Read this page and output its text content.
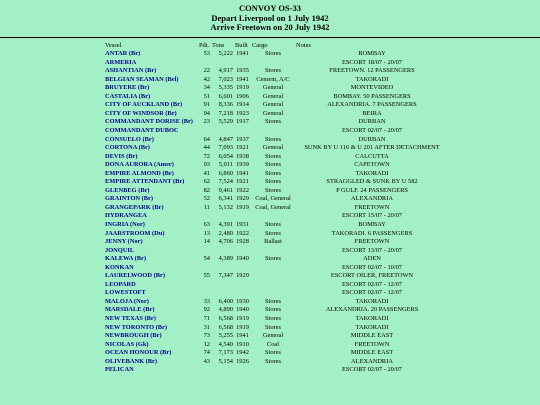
CONVOY OS-33
Depart Liverpool on 1 July 1942
Arrive Freetown on 20 July 1942
Vessel	Pdt.	Tons	Built	Cargo	Notes
ANTAR (Br)	53	5,222	1941	Stores	BOMBAY
ARMERIA					ESCORT 18/07 - 20/07
ASHANTIAN (Br)	22	4,917	1935	Stores	FREETOWN. 12 PASSENGERS
BELGIAN SEAMAN (Bel)	42	7,023	1941	Cement, A/C	TAKORADI
BRUYERE (Br)	34	5,335	1919	General	MONTEVIDEO
CASTALIA (Br)	51	6,601	1906	General	BOMBAY. 50 PASSENGERS
CITY OF AUCKLAND (Br)	91	8,336	1914	General	ALEXANDRIA. 7 PASSENGERS
CITY OF WINDSOR (Br)	94	7,218	1923	General	BEIRA
COMMANDANT DORISE (Br)	23	5,529	1917	Stores	DURBAN
COMMANDANT DUBOC					ESCORT 02/07 - 20/07
CONSUELO (Br)	64	4,847	1937	Stores	DURBAN
CORTONA (Br)	44	7,093	1921	General	SUNK BY U 116 & U 201 AFTER DETACHMENT
DEVIS (Br)	72	6,054	1938	Stores	CALCUTTA
DONA AURORA (Amer)	93	5,011	1939	Stores	CAPETOWN
EMPIRE ALMOND (Br)	41	6,860	1941	Stores	TAKORADI
EMPIRE ATTENDANT (Br)	62	7,524	1921	Stores	STRAGGLED & SUNK BY U 582
GLENBEG (Br)	82	9,461	1922	Stores	P GULF. 24 PASSENGERS
GRAINTON (Br)	52	6,341	1929	Coal, General	ALEXANDRIA
GRANGEPARK (Br)	11	5,132	1919	Coal, General	FREETOWN
HYDRANGEA					ESCORT 15/07 - 20/07
INGRIA (Nor)	63	4,391	1931	Stores	BOMBAY
JAARSTROOM (Du)	13	2,480	1922	Stores	TAKORADI. 6 PASSENGERS
JENNY (Nor)	14	4,706	1928	Ballast	FREETOWN
JONQUIL					ESCORT 13/07 - 20/07
KALEWA (Br)	54	4,389	1940	Stores	ADEN
KONKAN					ESCORT 02/07 - 10/07
LAURELWOOD (Br)	55	7,347	1929		ESCORT OILER, FREETOWN
LEOPARD					ESCORT 02/07 - 12/07
LOWESTOFT					ESCORT 02/07 - 12/07
MALOJA (Nor)	33	6,400	1930	Stores	TAKORADI
MARSDALE (Br)	92	4,890	1940	Stores	ALEXANDRIA. 20 PASSENGERS
NEW TEXAS (Br)	71	6,568	1919	Stores	TAKORADI
NEW TORONTO (Br)	31	6,568	1919	Stores	TAKORADI
NEWBROUGH (Br)	73	5,255	1941	General	MIDDLE EAST
NICOLAS (Gk)	12	4,540	1910	Coal	FREETOWN
OCEAN HONOUR (Br)	74	7,173	1942	Stores	MIDDLE EAST
OLIVEBANK (Br)	43	5,154	1926	Stores	ALEXANDRIA
PELICAN					ESCORT 02/07 - 20/07
